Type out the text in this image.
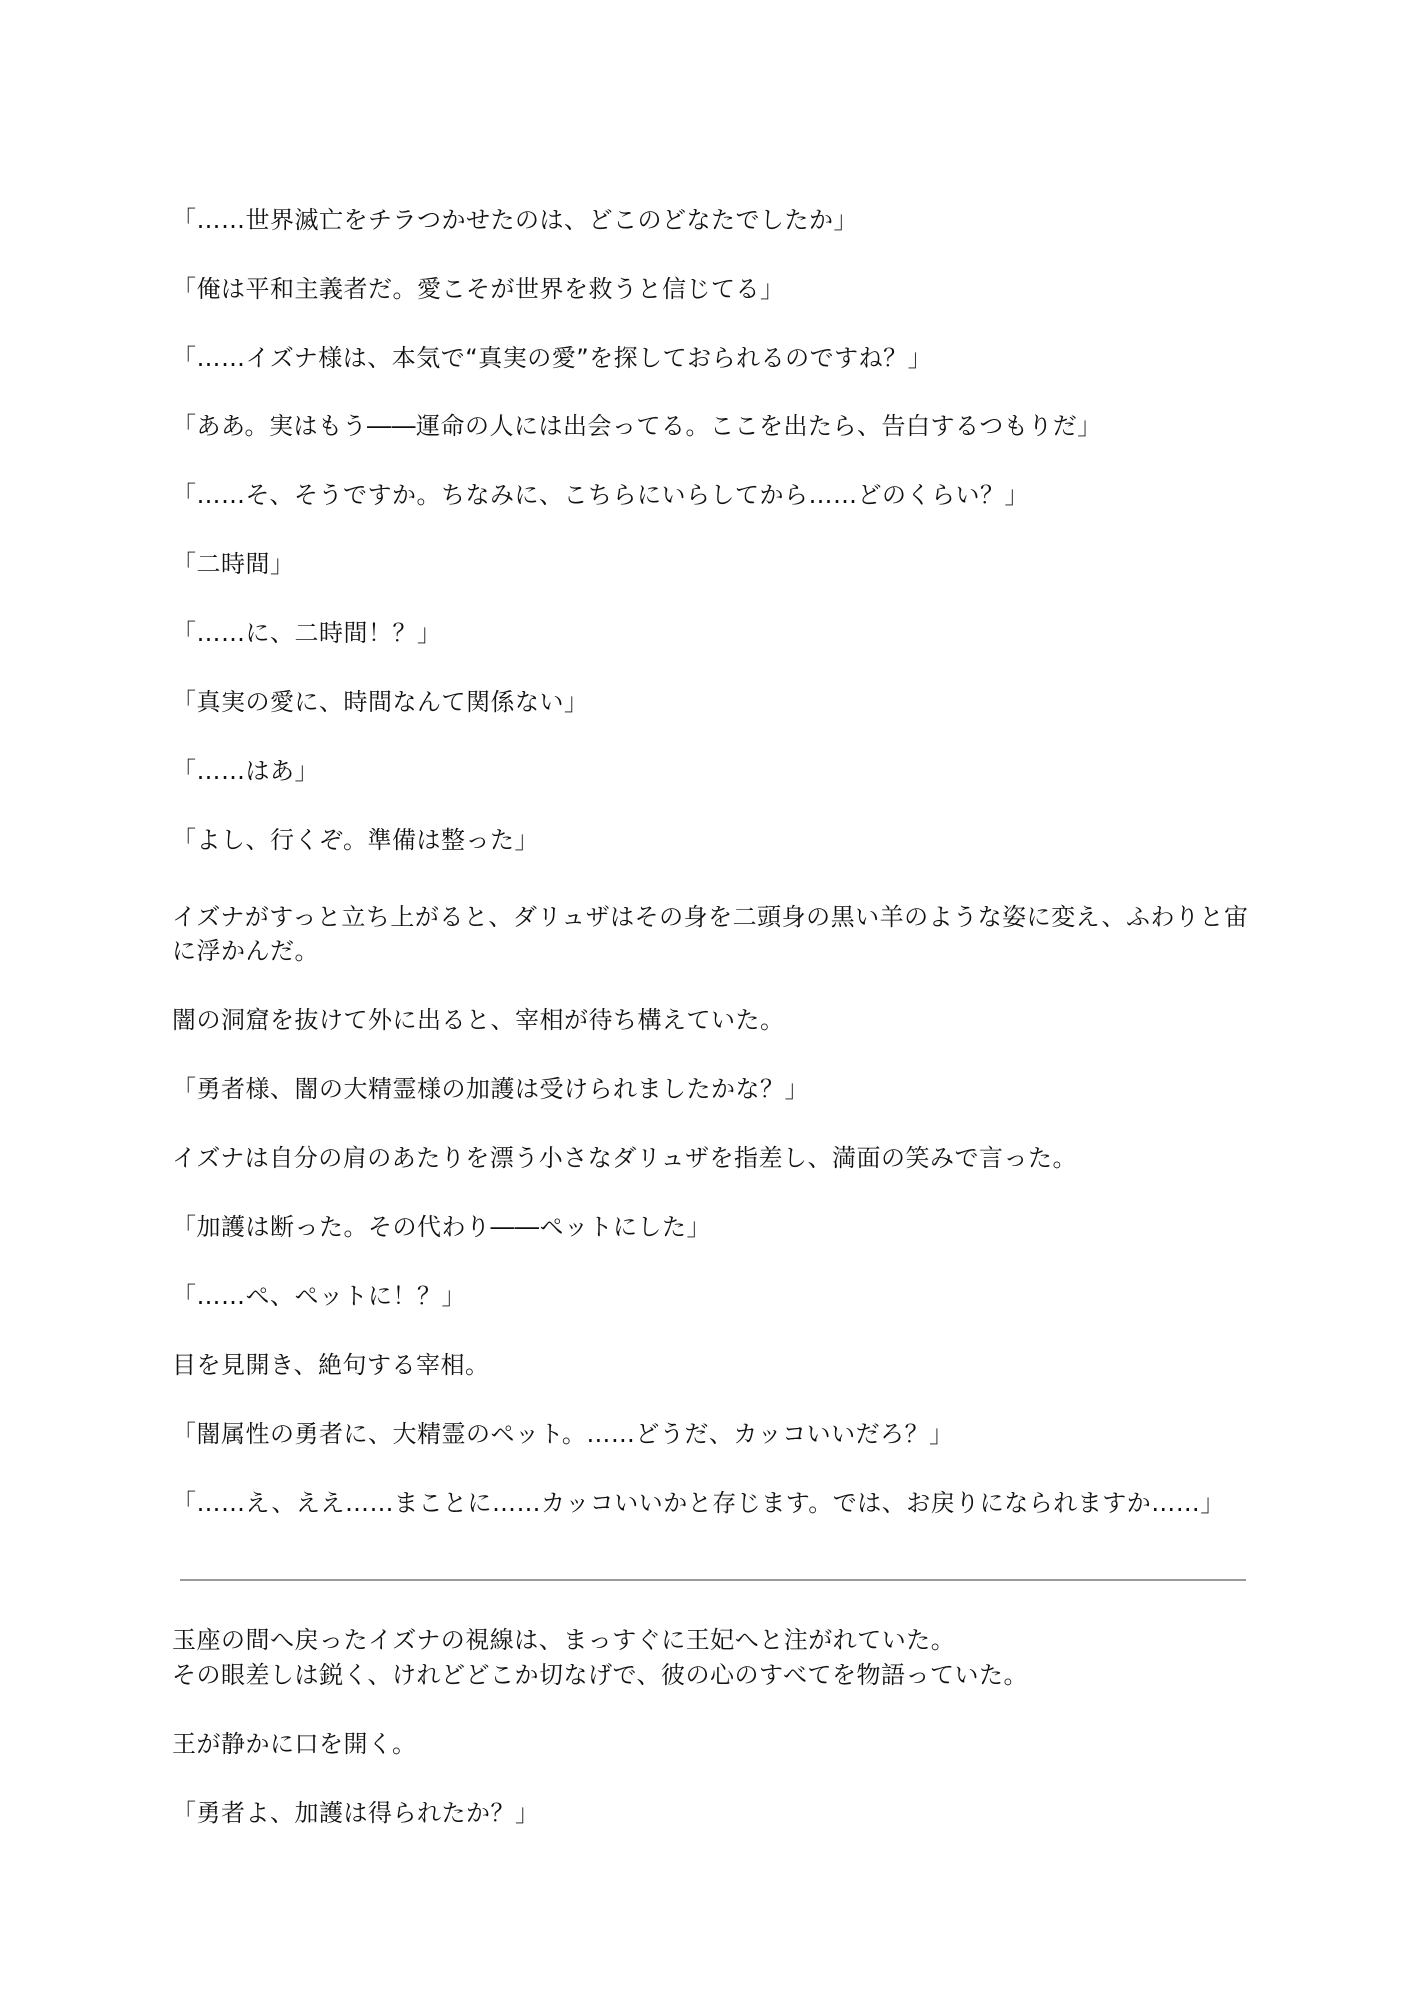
「……世界滅亡をチラつかせたのは、どこのどなたでしたか」
「俺は平和主義者だ。愛こそが世界を救うと信じてる」
「……イズナ様は、本気で“真実の愛”を探しておられるのですね？」
「ああ。実はもう――運命の人には出会ってる。ここを出たら、告白するつもりだ」
「……そ、そうですか。ちなみに、こちらにいらしてから……どのくらい？」
「二時間」
「……に、二時間！？」
「真実の愛に、時間なんて関係ない」
「……はあ」
「よし、行くぞ。準備は整った」
イズナがすっと立ち上がると、ダリュザはその身を二頭身の黒い羊のような姿に変え、ふわりと宙
に浮かんだ。
闇の洞窟を抜けて外に出ると、宰相が待ち構えていた。
「勇者様、闇の大精霊様の加護は受けられましたかな？」
イズナは自分の肩のあたりを漂う小さなダリュザを指差し、満面の笑みで言った。
「加護は断った。その代わり――ペットにした」
「……ペ、ペットに！？」
目を見開き、絶句する宰相。
「闇属性の勇者に、大精霊のペット。……どうだ、カッコいいだろ？」
「……え、ええ……まことに……カッコいいかと存じます。では、お戻りになられますか……」
玉座の間へ戻ったイズナの視線は、まっすぐに王妃へと注がれていた。
その眼差しは鋭く、けれどどこか切なげで、彼の心のすべてを物語っていた。
王が静かに口を開く。
「勇者よ、加護は得られたか？」
